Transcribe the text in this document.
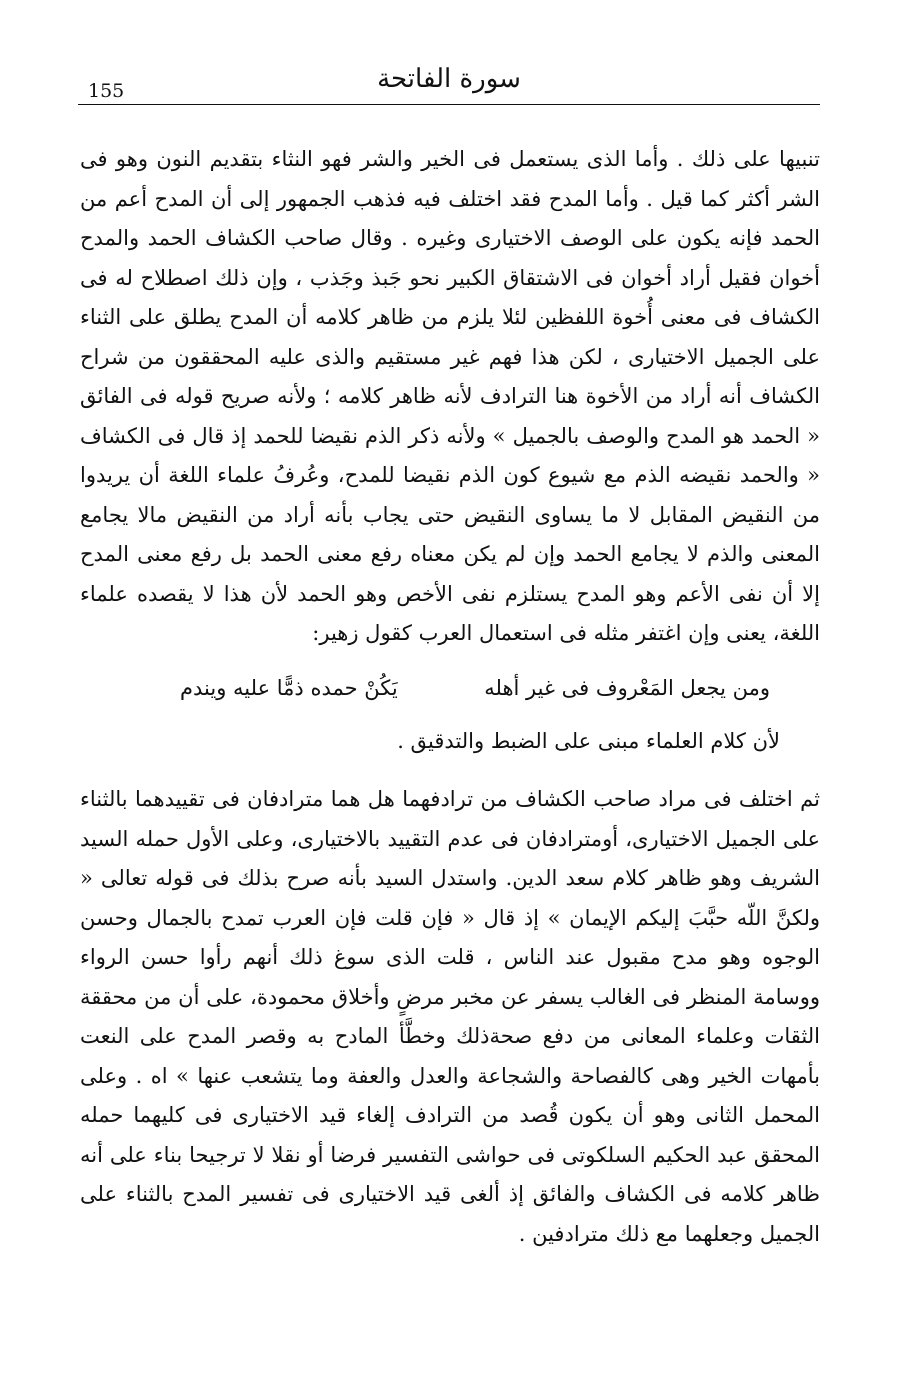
155	سورة الفاتحة

تنبيها على ذلك . وأما الذى يستعمل فى الخير والشر فهو النثاء بتقديم النون وهو فى الشر أكثر كما قيل . وأما المدح فقد اختلف فيه فذهب الجمهور إلى أن المدح أعم من الحمد فإنه يكون على الوصف الاختيارى وغيره . وقال صاحب الكشاف الحمد والمدح أخوان فقيل أراد أخوان فى الاشتقاق الكبير نحو جَبذ وجَذب ، وإن ذلك اصطلاح له فى الكشاف فى معنى أُخوة اللفظين لئلا يلزم من ظاهر كلامه أن المدح يطلق على الثناء على الجميل الاختيارى ، لكن هذا فهم غير مستقيم والذى عليه المحققون من شراح الكشاف أنه أراد من الأخوة هنا الترادف لأنه ظاهر كلامه ؛ ولأنه صريح قوله فى الفائق « الحمد هو المدح والوصف بالجميل » ولأنه ذكر الذم نقيضا للحمد إذ قال فى الكشاف « والحمد نقيضه الذم مع شيوع كون الذم نقيضا للمدح، وعُرفُ علماء اللغة أن يريدوا من النقيض المقابل لا ما يساوى النقيض حتى يجاب بأنه أراد من النقيض مالا يجامع المعنى والذم لا يجامع الحمد وإن لم يكن معناه رفع معنى الحمد بل رفع معنى المدح إلا أن نفى الأعم وهو المدح يستلزم نفى الأخص وهو الحمد لأن هذا لا يقصده علماء اللغة، يعنى وإن اغتفر مثله فى استعمال العرب كقول زهير:

ومن يجعل المَعْروف فى غير أهله
يَكُنْ حمده ذمًّا عليه ويندم
لأن كلام العلماء مبنى على الضبط والتدقيق .

ثم اختلف فى مراد صاحب الكشاف من ترادفهما هل هما مترادفان فى تقييدهما بالثناء على الجميل الاختيارى، أومترادفان فى عدم التقييد بالاختيارى، وعلى الأول حمله السيد الشريف وهو ظاهر كلام سعد الدين. واستدل السيد بأنه صرح بذلك فى قوله تعالى « ولكنَّ اللّه حبَّبَ إليكم الإيمان » إذ قال « فإن قلت فإن العرب تمدح بالجمال وحسن الوجوه وهو مدح مقبول عند الناس ، قلت الذى سوغ ذلك أنهم رأوا حسن الرواء ووسامة المنظر فى الغالب يسفر عن مخبر مرضٍ وأخلاق محمودة، على أن من محققة الثقات وعلماء المعانى من دفع صحةذلك وخطَّأ المادح به وقصر المدح على النعت بأمهات الخير وهى كالفصاحة والشجاعة والعدل والعفة وما يتشعب عنها » اه . وعلى المحمل الثانى وهو أن يكون قُصد من الترادف إلغاء قيد الاختيارى فى كليهما حمله المحقق عبد الحكيم السلكوتى فى حواشى التفسير فرضا أو نقلا لا ترجيحا بناء على أنه ظاهر كلامه فى الكشاف والفائق إذ ألغى قيد الاختيارى فى تفسير المدح بالثناء على الجميل وجعلهما مع ذلك مترادفين .
